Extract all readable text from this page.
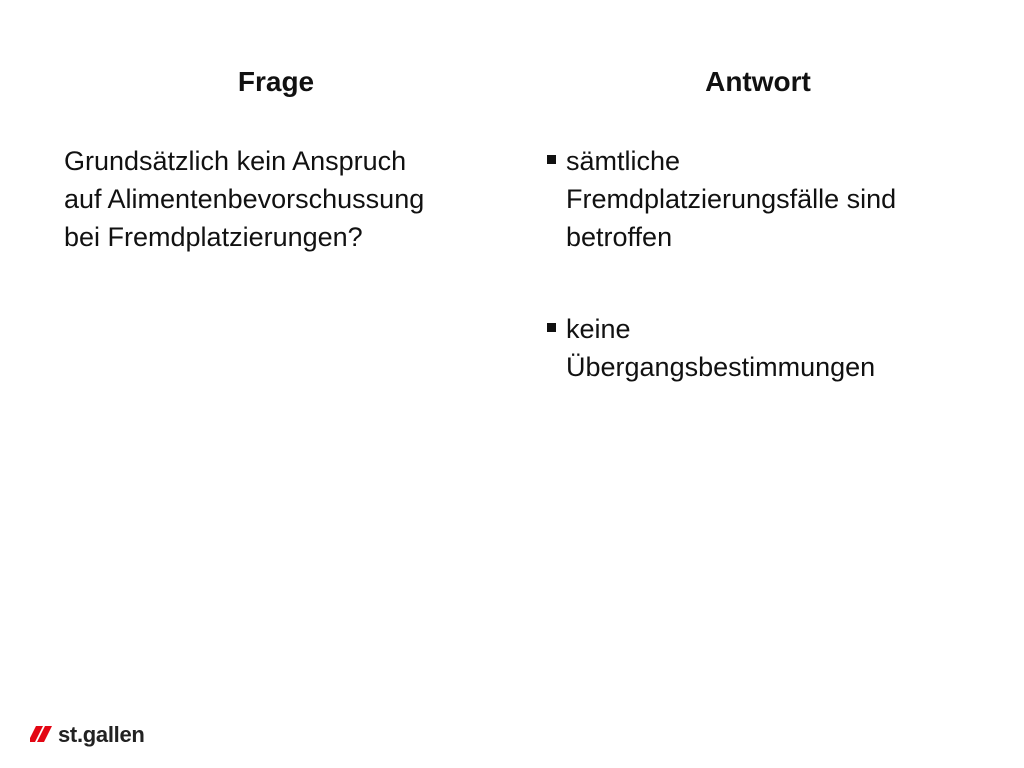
Frage	Antwort

Grundsätzlich kein Anspruch
auf Alimentenbevorschussung
bei Fremdplatzierungen?

sämtliche
Fremdplatzierungsfälle sind
betroffen
keine
Übergangsbestimmungen
st.gallen
